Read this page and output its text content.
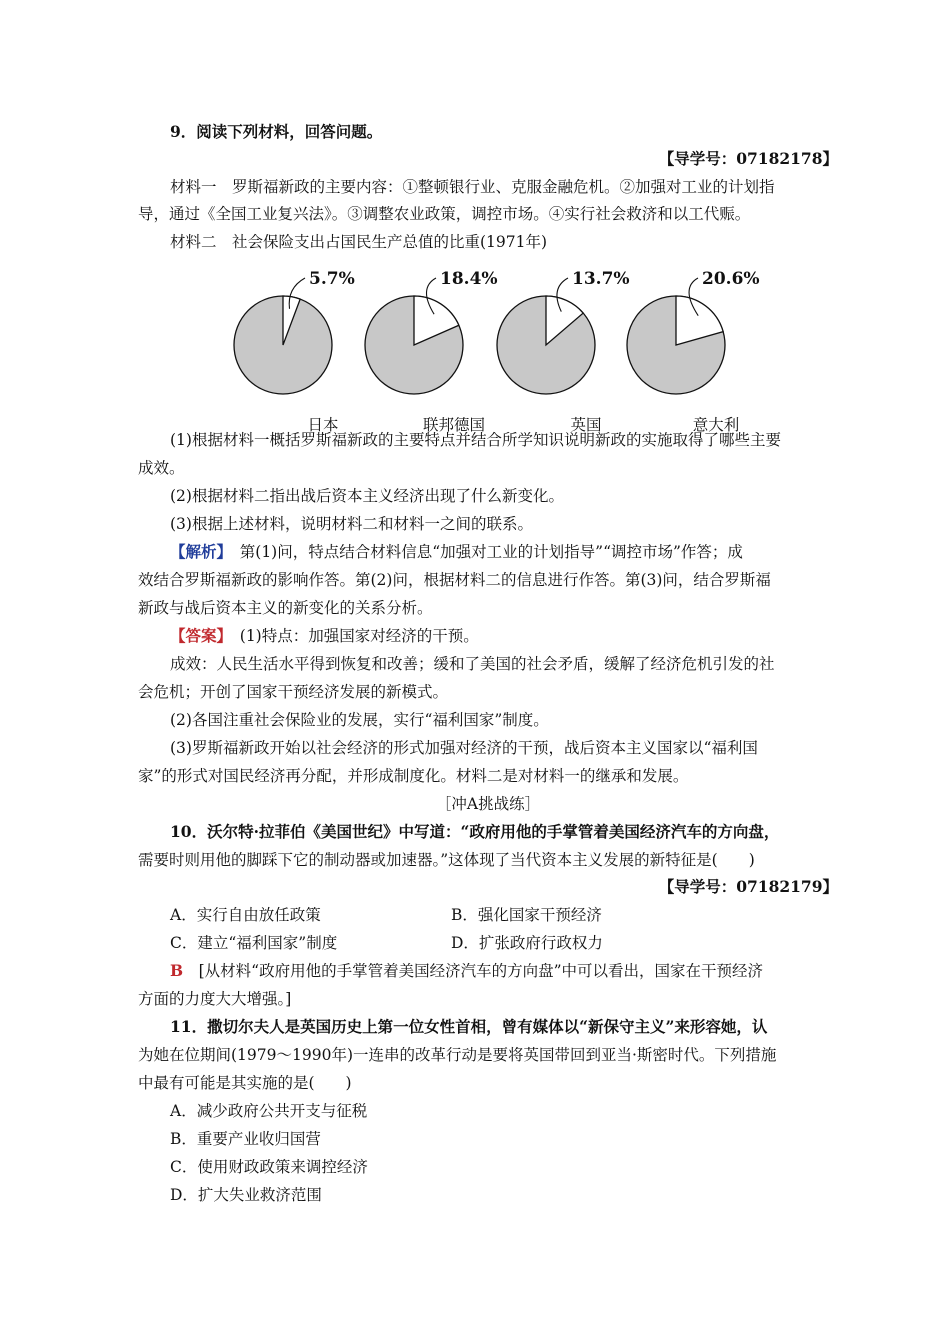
9．阅读下列材料，回答问题。
【导学号：07182178】
材料一　罗斯福新政的主要内容：①整顿银行业、克服金融危机。②加强对工业的计划指
导，通过《全国工业复兴法》。③调整农业政策，调控市场。④实行社会救济和以工代赈。
材料二　社会保险支出占国民生产总值的比重(1971年)
5.7%
日本
18.4%
联邦德国
13.7%
英国
20.6%
意大利
(1)根据材料一概括罗斯福新政的主要特点并结合所学知识说明新政的实施取得了哪些主要
成效。
(2)根据材料二指出战后资本主义经济出现了什么新变化。
(3)根据上述材料，说明材料二和材料一之间的联系。
【解析】　第(1)问，特点结合材料信息“加强对工业的计划指导”“调控市场”作答；成
效结合罗斯福新政的影响作答。第(2)问，根据材料二的信息进行作答。第(3)问，结合罗斯福
新政与战后资本主义的新变化的关系分析。
【答案】　(1)特点：加强国家对经济的干预。
成效：人民生活水平得到恢复和改善；缓和了美国的社会矛盾，缓解了经济危机引发的社
会危机；开创了国家干预经济发展的新模式。
(2)各国注重社会保险业的发展，实行“福利国家”制度。
(3)罗斯福新政开始以社会经济的形式加强对经济的干预，战后资本主义国家以“福利国
家”的形式对国民经济再分配，并形成制度化。材料二是对材料一的继承和发展。
［冲A挑战练］
10．沃尔特·拉菲伯《美国世纪》中写道：“政府用他的手掌管着美国经济汽车的方向盘，
需要时则用他的脚踩下它的制动器或加速器。”这体现了当代资本主义发展的新特征是(　　)
【导学号：07182179】
A．实行自由放任政策	B．强化国家干预经济
C．建立“福利国家”制度	D．扩张政府行政权力
B　[从材料“政府用他的手掌管着美国经济汽车的方向盘”中可以看出，国家在干预经济
方面的力度大大增强。]
11．撒切尔夫人是英国历史上第一位女性首相，曾有媒体以“新保守主义”来形容她，认
为她在位期间(1979～1990年)一连串的改革行动是要将英国带回到亚当·斯密时代。下列措施
中最有可能是其实施的是(　　)
A．减少政府公共开支与征税
B．重要产业收归国营
C．使用财政政策来调控经济
D．扩大失业救济范围
